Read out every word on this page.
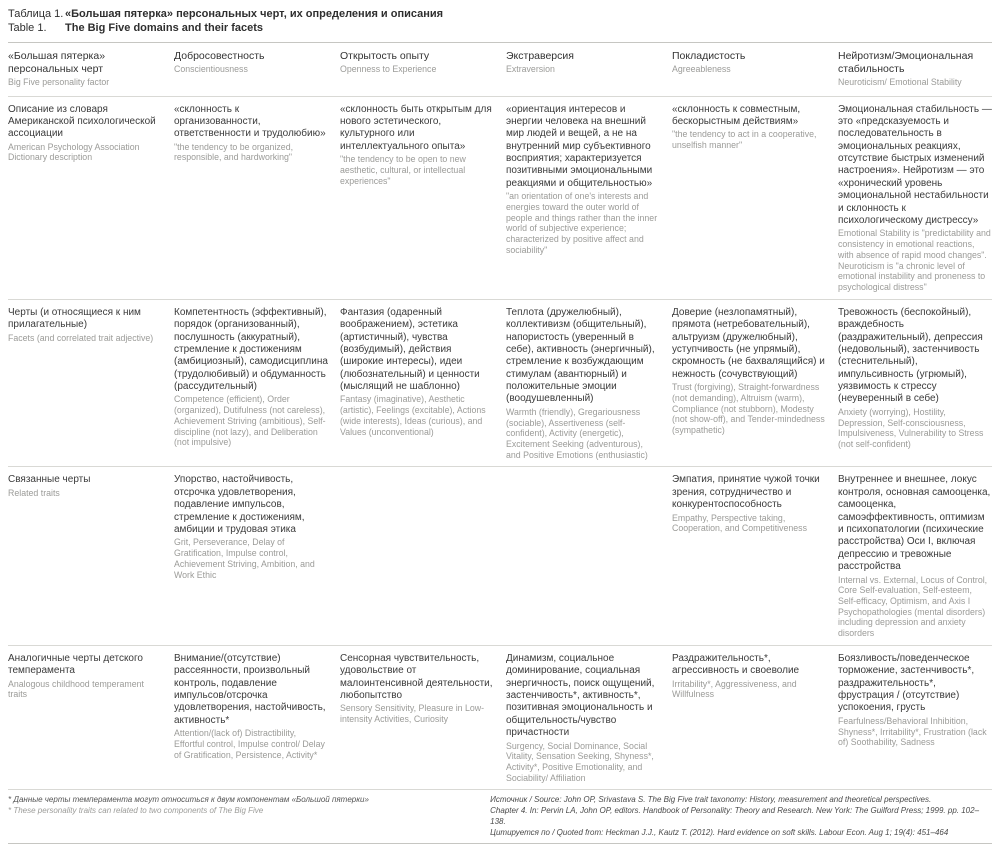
Таблица 1. «Большая пятерка» персональных черт, их определения и описания
Table 1.	The Big Five domains and their facets
«Большая пятерка» персональных черт
Big Five personality factor
Добросовестность
Conscientiousness
Открытость опыту
Openness to Experience
Экстраверсия
Extraversion
Покладистость
Agreeableness
Нейротизм/Эмоциональная стабильность
Neuroticism/ Emotional Stability
Описание из словаря Американской психологической ассоциации
American Psychology Association Dictionary description
«склонность к организованности, ответственности и трудолюбию»
"the tendency to be organized, responsible, and hardworking"
«склонность быть открытым для нового эстетического, культурного или интеллектуального опыта»
"the tendency to be open to new aesthetic, cultural, or intellectual experiences"
«ориентация интересов и энергии человека на внешний мир людей и вещей, а не на внутренний мир субъективного восприятия; характеризуется позитивными эмоциональными реакциями и общительностью»
"an orientation of one's interests and energies toward the outer world of people and things rather than the inner world of subjective experience; characterized by positive affect and sociability"
«склонность к совместным, бескорыстным действиям»
"the tendency to act in a cooperative, unselfish manner"
Эмоциональная стабильность — это «предсказуемость и последовательность в эмоциональных реакциях, отсутствие быстрых изменений настроения». Нейротизм — это «хронический уровень эмоциональной нестабильности и склонность к психологическому дистрессу»
Emotional Stability is "predictability and consistency in emotional reactions, with absence of rapid mood changes". Neuroticism is "a chronic level of emotional instability and proneness to psychological distress"
Черты (и относящиеся к ним прилагательные)
Facets (and correlated trait adjective)
Компетентность (эффективный), порядок (организованный), послушность (аккуратный), стремление к достижениям (амбициозный), самодисциплина (трудолюбивый) и обдуманность (рассудительный)
Competence (efficient), Order (organized), Dutifulness (not careless), Achievement Striving (ambitious), Self-discipline (not lazy), and Deliberation (not impulsive)
Фантазия (одаренный воображением), эстетика (артистичный), чувства (возбудимый), действия (широкие интересы), идеи (любознательный) и ценности (мыслящий не шаблонно)
Fantasy (imaginative), Aesthetic (artistic), Feelings (excitable), Actions (wide interests), Ideas (curious), and Values (unconventional)
Теплота (дружелюбный), коллективизм (общительный), напористость (уверенный в себе), активность (энергичный), стремление к возбуждающим стимулам (авантюрный) и положительные эмоции (воодушевленный)
Warmth (friendly), Gregariousness (sociable), Assertiveness (self-confident), Activity (energetic), Excitement Seeking (adventurous), and Positive Emotions (enthusiastic)
Доверие (незлопамятный), прямота (нетребовательный), альтруизм (дружелюбный), уступчивость (не упрямый), скромность (не бахвалящийся) и нежность (сочувствующий)
Trust (forgiving), Straight-forwardness (not demanding), Altruism (warm), Compliance (not stubborn), Modesty (not show-off), and Tender-mindedness (sympathetic)
Тревожность (беспокойный), враждебность (раздражительный), депрессия (недовольный), застенчивость (стеснительный), импульсивность (угрюмый), уязвимость к стрессу (неуверенный в себе)
Anxiety (worrying), Hostility, Depression, Self-consciousness, Impulsiveness, Vulnerability to Stress (not self-confident)
Связанные черты
Related traits
Упорство, настойчивость, отсрочка удовлетворения, подавление импульсов, стремление к достижениям, амбиции и трудовая этика
Grit, Perseverance, Delay of Gratification, Impulse control, Achievement Striving, Ambition, and Work Ethic
Эмпатия, принятие чужой точки зрения, сотрудничество и конкурентоспособность
Empathy, Perspective taking, Cooperation, and Competitiveness
Внутреннее и внешнее, локус контроля, основная самооценка, самооценка, самоэффективность, оптимизм и психопатологии (психические расстройства) Оси I, включая депрессию и тревожные расстройства
Internal vs. External, Locus of Control, Core Self-evaluation, Self-esteem, Self-efficacy, Optimism, and Axis I Psychopathologies (mental disorders) including depression and anxiety disorders
Аналогичные черты детского темперамента
Analogous childhood temperament traits
Внимание/(отсутствие) рассеянности, произвольный контроль, подавление импульсов/отсрочка удовлетворения, настойчивость, активность*
Attention/(lack of) Distractibility, Effortful control, Impulse control/ Delay of Gratification, Persistence, Activity*
Сенсорная чувствительность, удовольствие от малоинтенсивной деятельности, любопытство
Sensory Sensitivity, Pleasure in Low-intensity Activities, Curiosity
Динамизм, социальное доминирование, социальная энергичность, поиск ощущений, застенчивость*, активность*, позитивная эмоциональность и общительность/чувство причастности
Surgency, Social Dominance, Social Vitality, Sensation Seeking, Shyness*, Activity*, Positive Emotionality, and Sociability/ Affiliation
Раздражительность*, агрессивность и своеволие
Irritability*, Aggressiveness, and Willfulness
Боязливость/поведенческое торможение, застенчивость*, раздражительность*, фрустрация / (отсутствие) успокоения, грусть
Fearfulness/Behavioral Inhibition, Shyness*, Irritability*, Frustration (lack of) Soothability, Sadness
* Данные черты темперамента могут относиться к двум компонентам «Большой пятерки»
* These personality traits can related to two components of The Big Five
Источник / Source: John OP, Srivastava S. The Big Five trait taxonomy: History, measurement and theoretical perspectives.
Chapter 4. In: Pervin LA, John OP, editors. Handbook of Personality: Theory and Research. New York: The Guilford Press; 1999. pp. 102–138.
Цитируется по / Quoted from: Heckman J.J., Kautz T. (2012). Hard evidence on soft skills. Labour Econ. Aug 1; 19(4): 451–464
